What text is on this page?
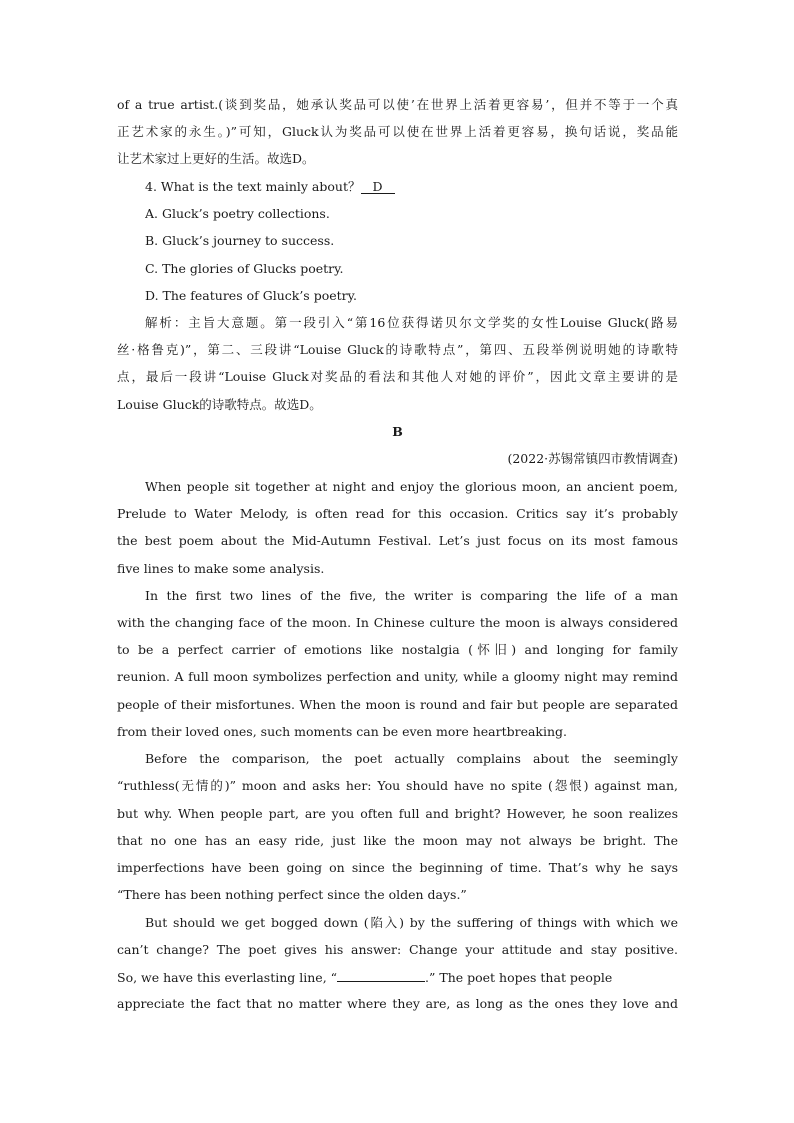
of a true artist.(谈到奖品，她承认奖品可以使’在世界上活着更容易’，但并不等于一个真
正艺术家的永生。)”可知，Gluck认为奖品可以使在世界上活着更容易，换句话说，奖品能
让艺术家过上更好的生活。故选D。
4. What is the text mainly about？ D
A. Gluck’s poetry collections.
B. Gluck’s journey to success.
C. The glories of Glucks poetry.
D. The features of Gluck’s poetry.
解析：主旨大意题。第一段引入“第16位获得诺贝尔文学奖的女性Louise Gluck(路易
丝·格鲁克)”，第二、三段讲“Louise Gluck的诗歌特点”，第四、五段举例说明她的诗歌特
点，最后一段讲“Louise Gluck对奖品的看法和其他人对她的评价”，因此文章主要讲的是
Louise Gluck的诗歌特点。故选D。
B
(2022·苏锡常镇四市教情调查)
When people sit together at night and enjoy the glorious moon, an ancient poem,
Prelude to Water Melody, is often read for this occasion. Critics say it’s probably
the best poem about the Mid-Autumn Festival. Let’s just focus on its most famous
five lines to make some analysis.
In the first two lines of the five, the writer is comparing the life of a man
with the changing face of the moon. In Chinese culture the moon is always considered
to be a perfect carrier of emotions like nostalgia (怀旧) and longing for family
reunion. A full moon symbolizes perfection and unity, while a gloomy night may remind
people of their misfortunes. When the moon is round and fair but people are separated
from their loved ones, such moments can be even more heartbreaking.
Before the comparison, the poet actually complains about the seemingly
“ruthless(无情的)” moon and asks her: You should have no spite (怨恨) against man,
but why. When people part, are you often full and bright? However, he soon realizes
that no one has an easy ride, just like the moon may not always be bright. The
imperfections have been going on since the beginning of time. That’s why he says
“There has been nothing perfect since the olden days.”
But should we get bogged down (陷入) by the suffering of things with which we
can’t change? The poet gives his answer: Change your attitude and stay positive.
So, we have this everlasting line, “	.” The poet hopes that people
appreciate the fact that no matter where they are, as long as the ones they love and
